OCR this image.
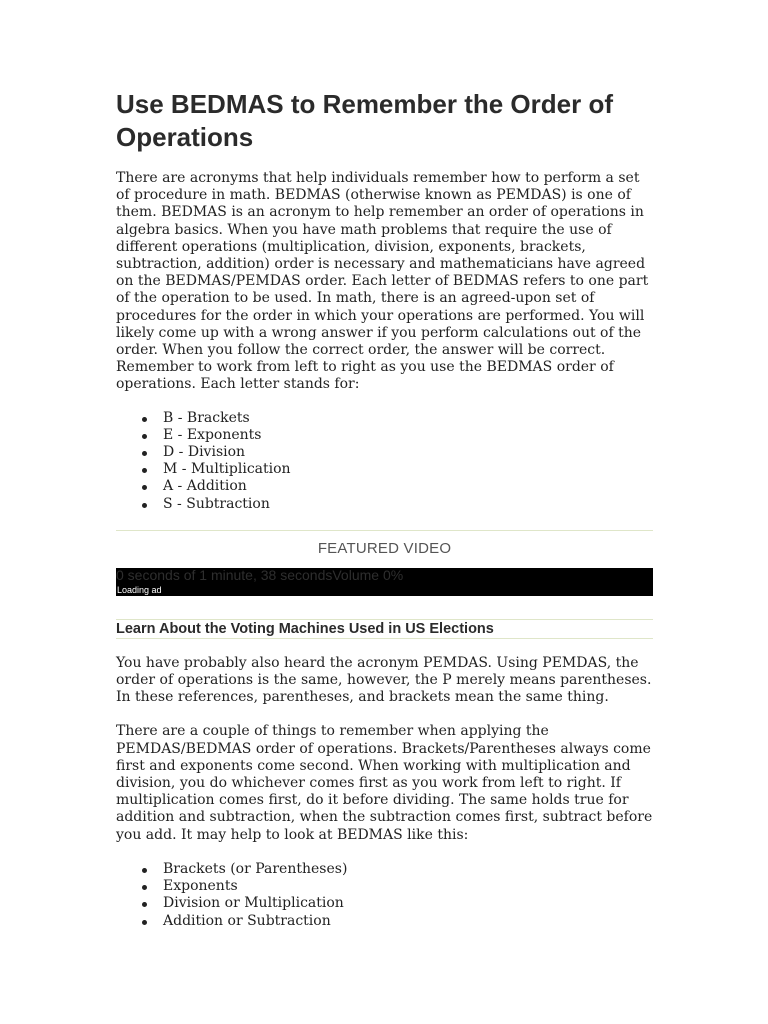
Use BEDMAS to Remember the Order of Operations

There are acronyms that help individuals remember how to perform a set of procedure in math. BEDMAS (otherwise known as PEMDAS) is one of them. BEDMAS is an acronym to help remember an order of operations in algebra basics. When you have math problems that require the use of different operations (multiplication, division, exponents, brackets, subtraction, addition) order is necessary and mathematicians have agreed on the BEDMAS/PEMDAS order. Each letter of BEDMAS refers to one part of the operation to be used. In math, there is an agreed-upon set of procedures for the order in which your operations are performed. You will likely come up with a wrong answer if you perform calculations out of the order. When you follow the correct order, the answer will be correct. Remember to work from left to right as you use the BEDMAS order of operations. Each letter stands for:

B - Brackets
E - Exponents
D - Division
M - Multiplication
A - Addition
S - Subtraction
FEATURED VIDEO
0 seconds of 1 minute, 38 secondsVolume 0%
Loading ad
Learn About the Voting Machines Used in US Elections

You have probably also heard the acronym PEMDAS. Using PEMDAS, the order of operations is the same, however, the P merely means parentheses. In these references, parentheses, and brackets mean the same thing.

There are a couple of things to remember when applying the PEMDAS/BEDMAS order of operations. Brackets/Parentheses always come first and exponents come second. When working with multiplication and division, you do whichever comes first as you work from left to right. If multiplication comes first, do it before dividing. The same holds true for addition and subtraction, when the subtraction comes first, subtract before you add. It may help to look at BEDMAS like this:

Brackets (or Parentheses)
Exponents
Division or Multiplication
Addition or Subtraction
